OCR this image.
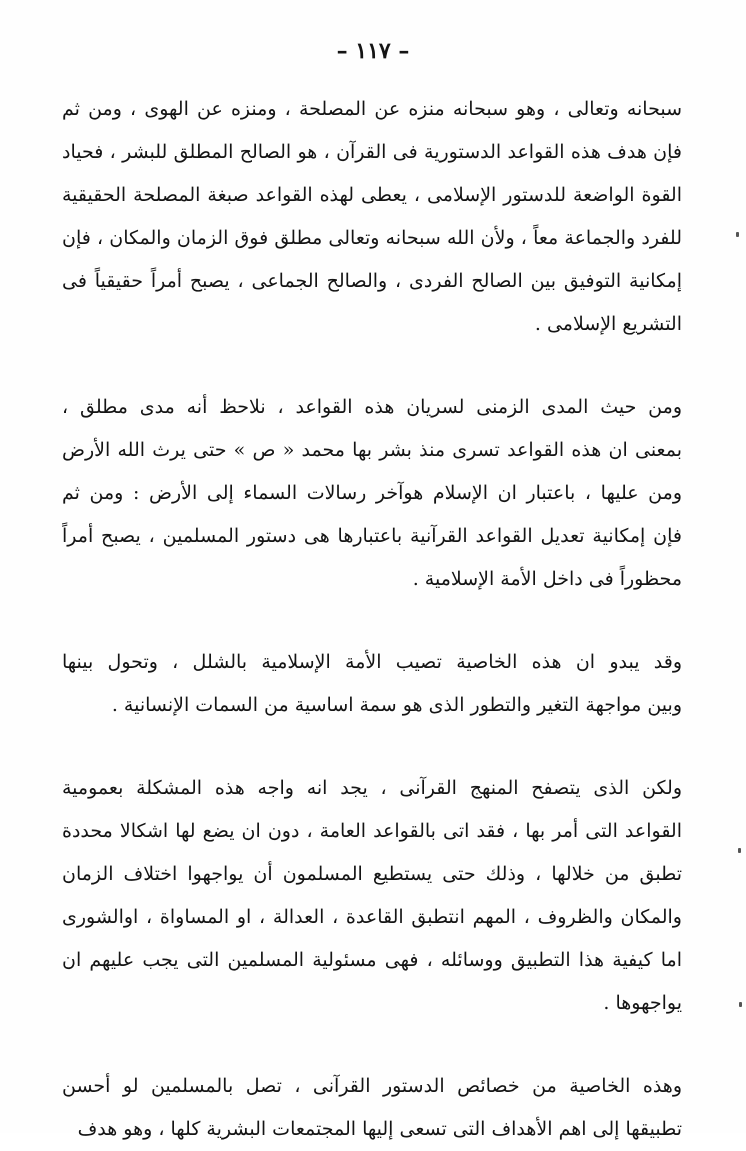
– ١١٧ –
سبحانه وتعالى ، وهو سبحانه منزه عن المصلحة ، ومنزه عن الهوى ، ومن ثم
فإن هدف هذه القواعد الدستورية فى القرآن ، هو الصالح المطلق للبشر ، فحياد
القوة الواضعة للدستور الإسلامى ، يعطى لهذه القواعد صبغة المصلحة الحقيقية
للفرد والجماعة معاً ، ولأن الله سبحانه وتعالى مطلق فوق الزمان والمكان ، فإن
إمكانية التوفيق بين الصالح الفردى ، والصالح الجماعى ، يصبح أمراً حقيقياً فى
التشريع الإسلامى .
ومن حيث المدى الزمنى لسريان هذه القواعد ، نلاحظ أنه مدى مطلق ،
بمعنى ان هذه القواعد تسرى منذ بشر بها محمد « ص » حتى يرث الله الأرض
ومن عليها ، باعتبار ان الإسلام هوآخر رسالات السماء إلى الأرض : ومن ثم
فإن إمكانية تعديل القواعد القرآنية باعتبارها هى دستور المسلمين ، يصبح أمراً
محظوراً فى داخل الأمة الإسلامية .
وقد يبدو ان هذه الخاصية تصيب الأمة الإسلامية بالشلل ، وتحول بينها
وبين مواجهة التغير والتطور الذى هو سمة اساسية من السمات الإنسانية .
ولكن الذى يتصفح المنهج القرآنى ، يجد انه واجه هذه المشكلة بعمومية
القواعد التى أمر بها ، فقد اتى بالقواعد العامة ، دون ان يضع لها اشكالا محددة
تطبق من خلالها ، وذلك حتى يستطيع المسلمون أن يواجهوا اختلاف الزمان
والمكان والظروف ، المهم انتطبق القاعدة ، العدالة ، او المساواة ، اوالشورى
اما كيفية هذا التطبيق ووسائله ، فهى مسئولية المسلمين التى يجب عليهم ان
يواجهوها .
وهذه الخاصية من خصائص الدستور القرآنى ، تصل بالمسلمين لو أحسن
تطبيقها إلى اهم الأهداف التى تسعى إليها المجتمعات البشرية كلها ، وهو هدف
